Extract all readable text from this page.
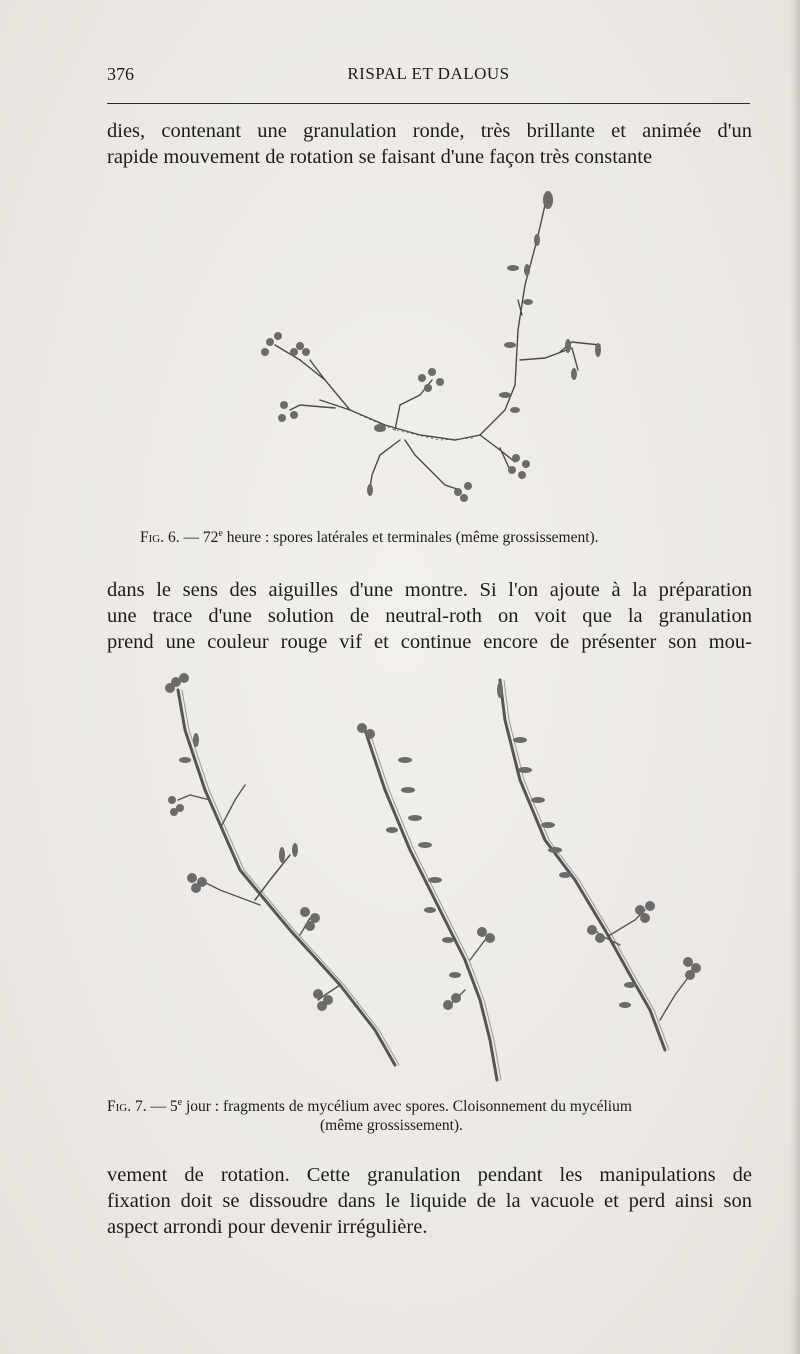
376	RISPAL ET DALOUS
dies, contenant une granulation ronde, très brillante et animée d'un
rapide mouvement de rotation se faisant d'une façon très constante
Fig. 6. — 72e heure : spores latérales et terminales (même grossissement).
dans le sens des aiguilles d'une montre. Si l'on ajoute à la préparation
une trace d'une solution de neutral-roth on voit que la granulation
prend une couleur rouge vif et continue encore de présenter son mou-
Fig. 7. — 5e jour : fragments de mycélium avec spores. Cloisonnement du mycélium
(même grossissement).
vement de rotation. Cette granulation pendant les manipulations de
fixation doit se dissoudre dans le liquide de la vacuole et perd ainsi son
aspect arrondi pour devenir irrégulière.
